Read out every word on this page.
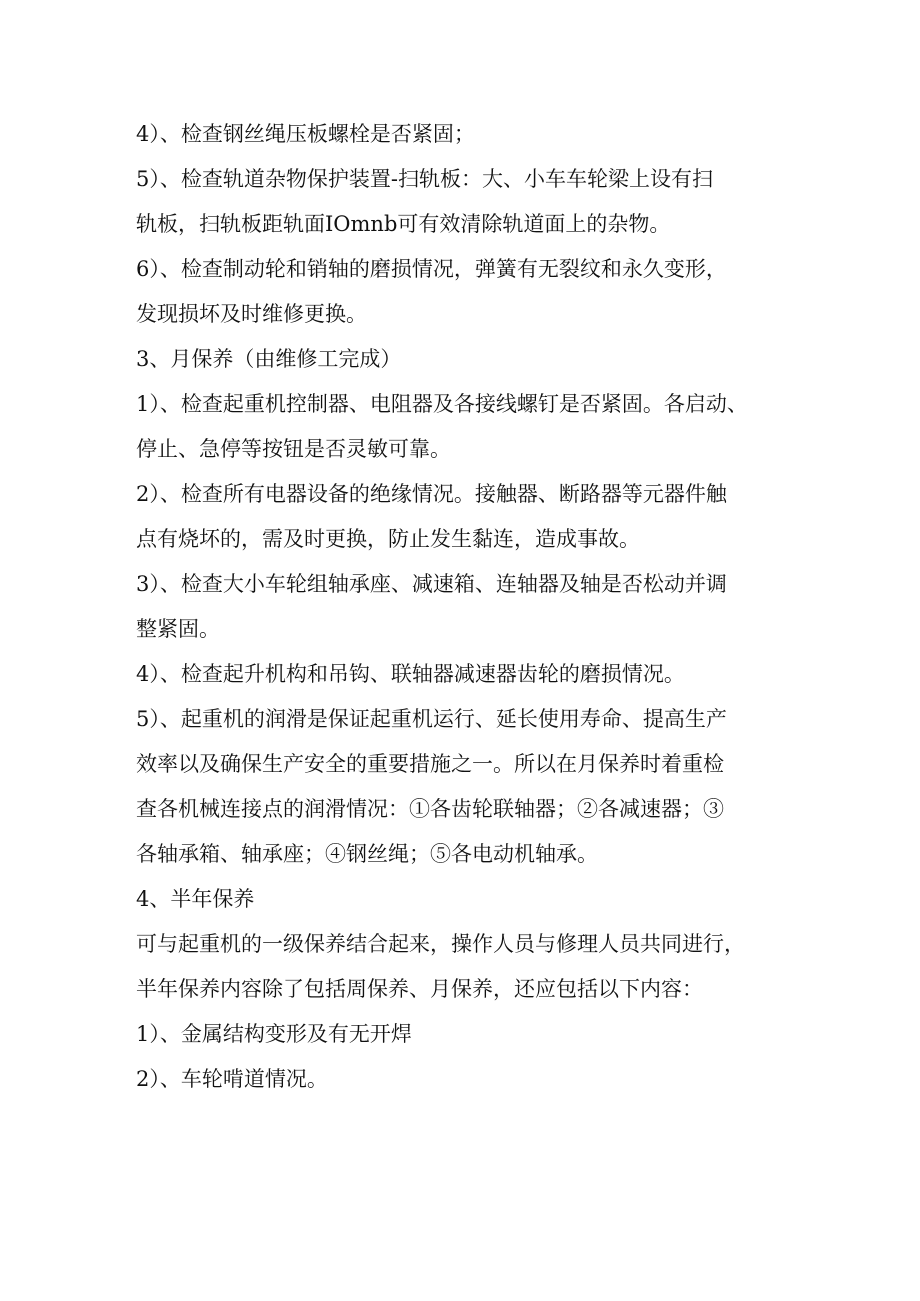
4）、检查钢丝绳压板螺栓是否紧固；
5）、检查轨道杂物保护装置-扫轨板：大、小车车轮梁上设有扫
轨板，扫轨板距轨面IOmnb可有效清除轨道面上的杂物。
6）、检查制动轮和销轴的磨损情况，弹簧有无裂纹和永久变形，
发现损坏及时维修更换。
3、月保养（由维修工完成）
1）、检查起重机控制器、电阻器及各接线螺钉是否紧固。各启动、
停止、急停等按钮是否灵敏可靠。
2）、检查所有电器设备的绝缘情况。接触器、断路器等元器件触
点有烧坏的，需及时更换，防止发生黏连，造成事故。
3）、检查大小车轮组轴承座、减速箱、连轴器及轴是否松动并调
整紧固。
4）、检查起升机构和吊钩、联轴器减速器齿轮的磨损情况。
5）、起重机的润滑是保证起重机运行、延长使用寿命、提高生产
效率以及确保生产安全的重要措施之一。所以在月保养时着重检
查各机械连接点的润滑情况：①各齿轮联轴器；②各减速器；③
各轴承箱、轴承座；④钢丝绳；⑤各电动机轴承。
4、半年保养
可与起重机的一级保养结合起来，操作人员与修理人员共同进行，
半年保养内容除了包括周保养、月保养，还应包括以下内容：
1）、金属结构变形及有无开焊
2）、车轮啃道情况。
